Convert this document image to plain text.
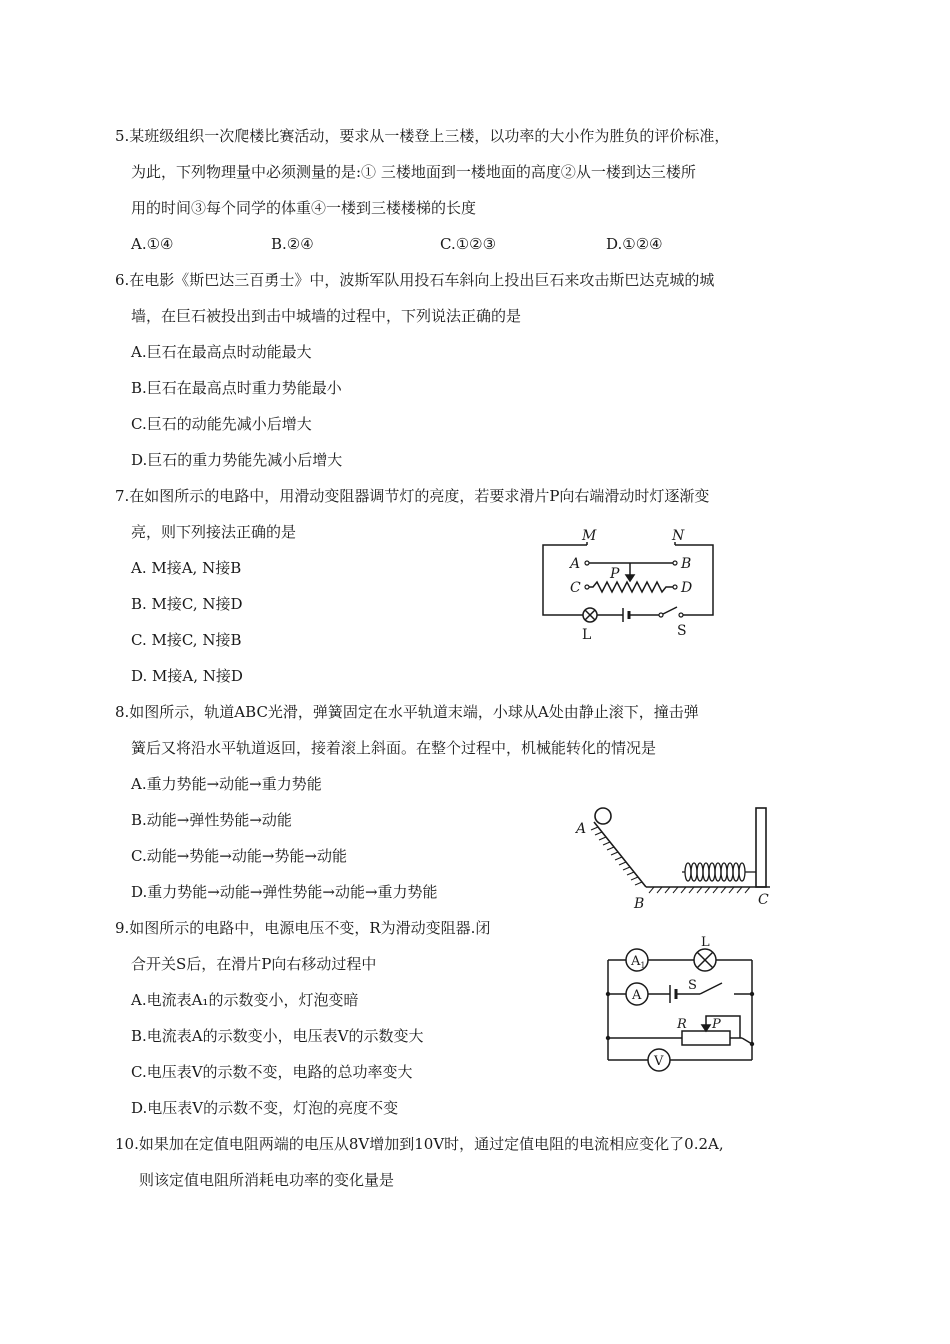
5.某班级组织一次爬楼比赛活动，要求从一楼登上三楼，以功率的大小作为胜负的评价标准，
为此，下列物理量中必须测量的是:① 三楼地面到一楼地面的高度②从一楼到达三楼所
用的时间③每个同学的体重④一楼到三楼楼梯的长度
A.①④	B.②④	C.①②③	D.①②④
6.在电影《斯巴达三百勇士》中，波斯军队用投石车斜向上投出巨石来攻击斯巴达克城的城
墙，在巨石被投出到击中城墙的过程中，下列说法正确的是
A.巨石在最高点时动能最大
B.巨石在最高点时重力势能最小
C.巨石的动能先减小后增大
D.巨石的重力势能先减小后增大
7.在如图所示的电路中，用滑动变阻器调节灯的亮度，若要求滑片P向右端滑动时灯逐渐变
亮，则下列接法正确的是
A. M接A, N接B
B. M接C, N接D
C. M接C, N接B
D. M接A, N接D
M	N
A	B
P
C	D
L	S
8.如图所示，轨道ABC光滑，弹簧固定在水平轨道末端，小球从A处由静止滚下，撞击弹
簧后又将沿水平轨道返回，接着滚上斜面。在整个过程中，机械能转化的情况是
A.重力势能→动能→重力势能
B.动能→弹性势能→动能
C.动能→势能→动能→势能→动能
D.重力势能→动能→弹性势能→动能→重力势能
A
B	C
9.如图所示的电路中，电源电压不变，R为滑动变阻器.闭
合开关S后，在滑片P向右移动过程中
A.电流表A₁的示数变小，灯泡变暗
B.电流表A的示数变小，电压表V的示数变大
C.电压表V的示数不变，电路的总功率变大
D.电压表V的示数不变，灯泡的亮度不变
$A_1$
A
L
S
R P
V
10.如果加在定值电阻两端的电压从8V增加到10V时，通过定值电阻的电流相应变化了0.2A,
则该定值电阻所消耗电功率的变化量是
